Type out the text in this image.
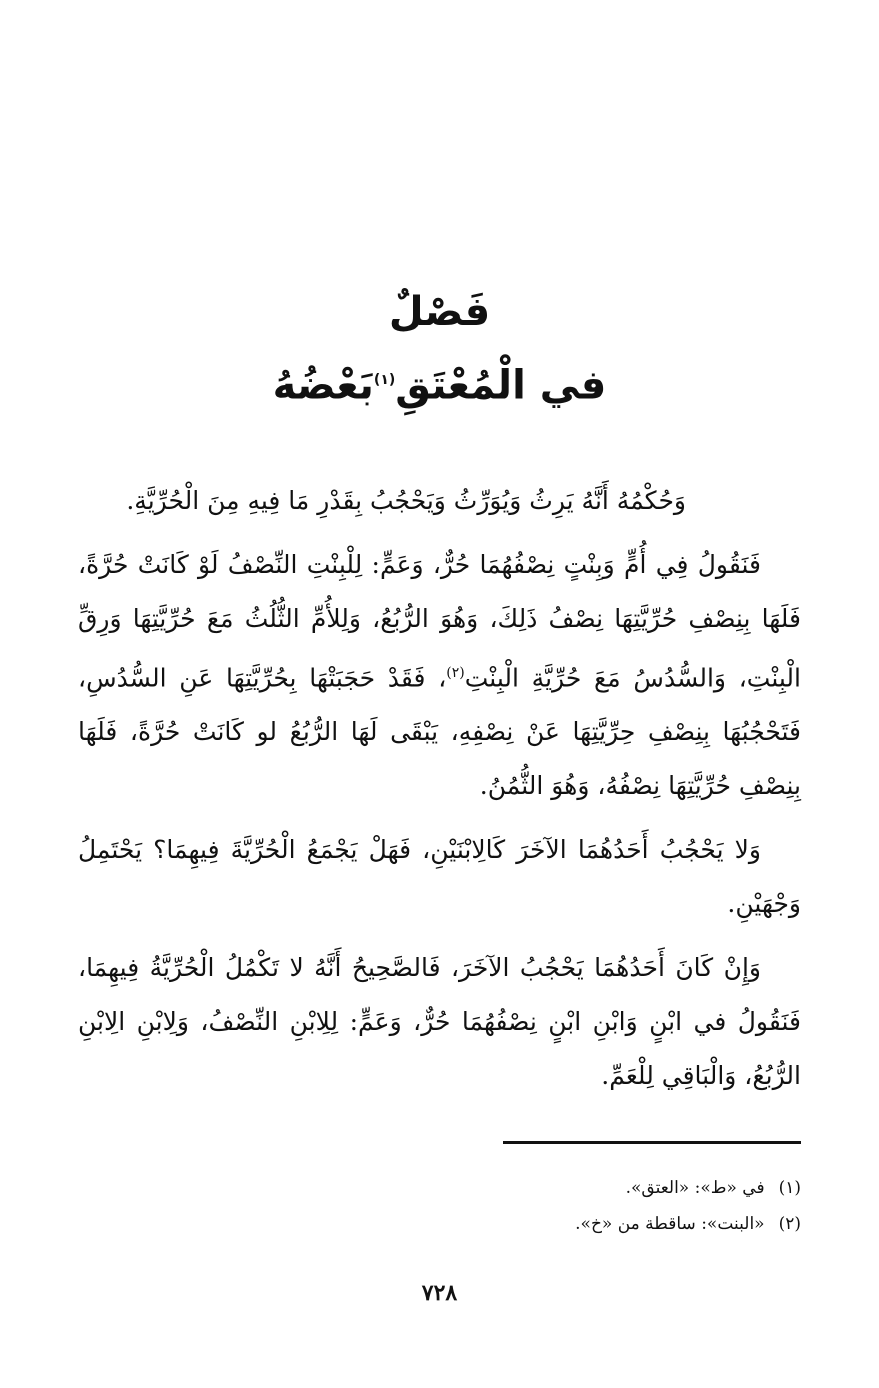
فَصْلٌ
في الْمُعْتَقِ$^{(١)}$بَعْضُهُ

وَحُكْمُهُ أَنَّهُ يَرِثُ وَيُوَرِّثُ وَيَحْجُبُ بِقَدْرِ مَا فِيهِ مِنَ الْحُرِّيَّةِ.

فَنَقُولُ فِي أُمٍّ وَبِنْتٍ نِصْفُهُمَا حُرٌّ، وَعَمٍّ: لِلْبِنْتِ النِّصْفُ لَوْ كَانَتْ حُرَّةً، فَلَهَا بِنِصْفِ حُرِّيَّتِهَا نِصْفُ ذَلِكَ، وَهُوَ الرُّبُعُ، وَلِلأُمِّ الثُّلُثُ مَعَ حُرِّيَّتِهَا وَرِقِّ الْبِنْتِ، وَالسُّدُسُ مَعَ حُرِّيَّةِ الْبِنْتِ$^{(٢)}$، فَقَدْ حَجَبَتْهَا بِحُرِّيَّتِهَا عَنِ السُّدُسِ، فَتَحْجُبُهَا بِنِصْفِ حِرِّيَّتِهَا عَنْ نِصْفِهِ، يَبْقَى لَهَا الرُّبُعُ لو كَانَتْ حُرَّةً، فَلَهَا بِنِصْفِ حُرِّيَّتِهَا نِصْفُهُ، وَهُوَ الثُّمُنُ.

وَلا يَحْجُبُ أَحَدُهُمَا الآخَرَ كَالِابْنَيْنِ، فَهَلْ يَجْمَعُ الْحُرِّيَّةَ فِيهِمَا؟ يَحْتَمِلُ وَجْهَيْنِ.

وَإِنْ كَانَ أَحَدُهُمَا يَحْجُبُ الآخَرَ، فَالصَّحِيحُ أَنَّهُ لا تَكْمُلُ الْحُرِّيَّةُ فِيهِمَا، فَنَقُولُ في ابْنٍ وَابْنِ ابْنٍ نِصْفُهُمَا حُرٌّ، وَعَمٍّ: لِلِابْنِ النِّصْفُ، وَلِابْنِ الِابْنِ الرُّبُعُ، وَالْبَاقِي لِلْعَمِّ.

(١)في «ط»: «العتق».
(٢)«البنت»: ساقطة من «خ».
٧٢٨
